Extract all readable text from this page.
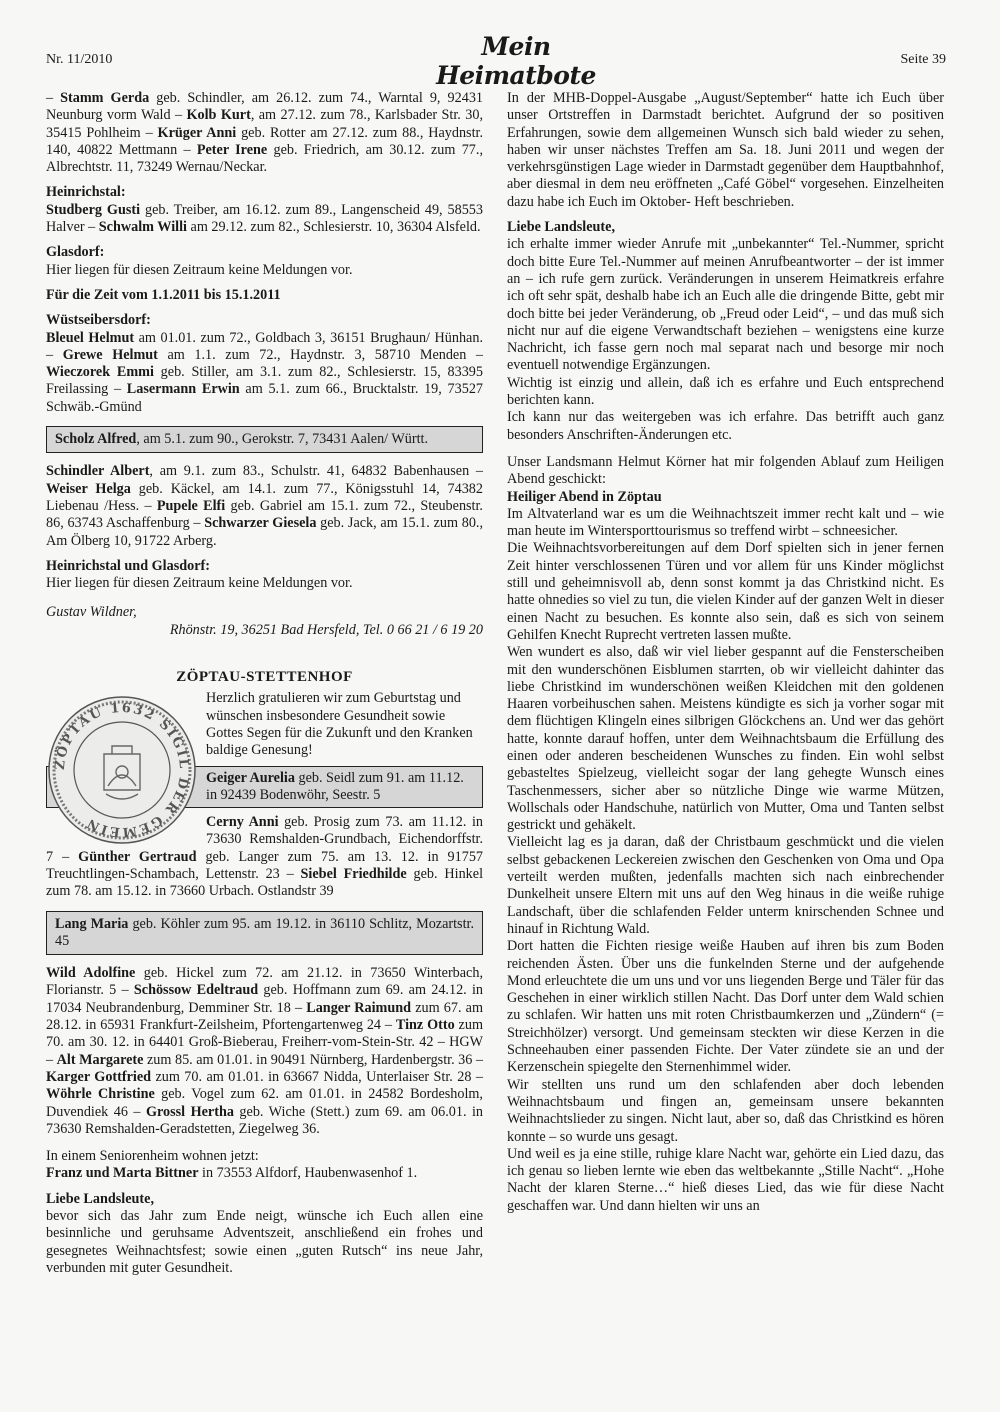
Nr. 11/2010	Mein Heimatbote
Seite 39

– Stamm Gerda geb. Schindler, am 26.12. zum 74., Warntal 9, 92431 Neunburg vorm Wald – Kolb Kurt, am 27.12. zum 78., Karlsbader Str. 30, 35415 Pohlheim – Krüger Anni geb. Rotter am 27.12. zum 88., Haydnstr. 140, 40822 Mettmann – Peter Irene geb. Friedrich, am 30.12. zum 77., Albrechtstr. 11, 73249 Wernau/Neckar.

Heinrichstal:

Studberg Gusti geb. Treiber, am 16.12. zum 89., Langenscheid 49, 58553 Halver – Schwalm Willi am 29.12. zum 82., Schlesierstr. 10, 36304 Alsfeld.

Glasdorf:

Hier liegen für diesen Zeitraum keine Meldungen vor.

Für die Zeit vom 1.1.2011 bis 15.1.2011

Wüstseibersdorf:

Bleuel Helmut am 01.01. zum 72., Goldbach 3, 36151 Brughaun/ Hünhan. – Grewe Helmut am 1.1. zum 72., Haydnstr. 3, 58710 Menden – Wieczorek Emmi geb. Stiller, am 3.1. zum 82., Schlesierstr. 15, 83395 Freilassing – Lasermann Erwin am 5.1. zum 66., Brucktalstr. 19, 73527 Schwäb.-Gmünd

Scholz Alfred, am 5.1. zum 90., Gerokstr. 7, 73431 Aalen/ Württ.

Schindler Albert, am 9.1. zum 83., Schulstr. 41, 64832 Babenhausen – Weiser Helga geb. Käckel, am 14.1. zum 77., Königsstuhl 14, 74382 Liebenau /Hess. – Pupele Elfi geb. Gabriel am 15.1. zum 72., Steubenstr. 86, 63743 Aschaffenburg – Schwarzer Giesela geb. Jack, am 15.1. zum 80., Am Ölberg 10, 91722 Arberg.

Heinrichstal und Glasdorf:

Hier liegen für diesen Zeitraum keine Meldungen vor.

Gustav Wildner,

Rhönstr. 19, 36251 Bad Hersfeld, Tel. 0 66 21 / 6 19 20

ZÖPTAU-STETTENHOF

ZÖPTAU 1632 SIGIL DER GEMEIN

Herzlich gratulieren wir zum Geburtstag und wünschen insbesondere Gesundheit sowie Gottes Segen für die Zukunft und den Kranken baldige Genesung!

Geiger Aurelia geb. Seidl zum 91. am 11.12. in 92439 Bodenwöhr, Seestr. 5

Cerny Anni geb. Prosig zum 73. am 11.12. in 73630 Remshalden-Grundbach, Eichendorffstr. 7 – Günther Gertraud geb. Langer zum 75. am 13. 12. in 91757 Treuchtlingen-Schambach, Lettenstr. 23 – Siebel Friedhilde geb. Hinkel zum 78. am 15.12. in 73660 Urbach. Ostlandstr 39

Lang Maria geb. Köhler zum 95. am 19.12. in 36110 Schlitz, Mozartstr. 45

Wild Adolfine geb. Hickel zum 72. am 21.12. in 73650 Winterbach, Florianstr. 5 – Schössow Edeltraud geb. Hoffmann zum 69. am 24.12. in 17034 Neubrandenburg, Demminer Str. 18 – Langer Raimund zum 67. am 28.12. in 65931 Frankfurt-Zeilsheim, Pfortengartenweg 24 – Tinz Otto zum 70. am 30. 12. in 64401 Groß-Bieberau, Freiherr-vom-Stein-Str. 42 – HGW – Alt Margarete zum 85. am 01.01. in 90491 Nürnberg, Hardenbergstr. 36 – Karger Gottfried zum 70. am 01.01. in 63667 Nidda, Unterlaiser Str. 28 – Wöhrle Christine geb. Vogel zum 62. am 01.01. in 24582 Bordesholm, Duvendiek 46 – Grossl Hertha geb. Wiche (Stett.) zum 69. am 06.01. in 73630 Remshalden-Geradstetten, Ziegelweg 36.

In einem Seniorenheim wohnen jetzt:

Franz und Marta Bittner in 73553 Alfdorf, Haubenwasenhof 1.

Liebe Landsleute,

bevor sich das Jahr zum Ende neigt, wünsche ich Euch allen eine besinnliche und geruhsame Adventszeit, anschließend ein frohes und gesegnetes Weihnachtsfest; sowie einen „guten Rutsch“ ins neue Jahr, verbunden mit guter Gesundheit.

In der MHB-Doppel-Ausgabe „August/September“ hatte ich Euch über unser Ortstreffen in Darmstadt berichtet. Aufgrund der so positiven Erfahrungen, sowie dem allgemeinen Wunsch sich bald wieder zu sehen, haben wir unser nächstes Treffen am Sa. 18. Juni 2011 und wegen der verkehrsgünstigen Lage wieder in Darmstadt gegenüber dem Hauptbahnhof, aber diesmal in dem neu eröffneten „Café Göbel“ vorgesehen. Einzelheiten dazu habe ich Euch im Oktober- Heft beschrieben.

Liebe Landsleute,

ich erhalte immer wieder Anrufe mit „unbekannter“ Tel.-Nummer, spricht doch bitte Eure Tel.-Nummer auf meinen Anrufbeantworter – der ist immer an – ich rufe gern zurück. Veränderungen in unserem Heimatkreis erfahre ich oft sehr spät, deshalb habe ich an Euch alle die dringende Bitte, gebt mir doch bitte bei jeder Veränderung, ob „Freud oder Leid“, – und das muß sich nicht nur auf die eigene Verwandtschaft beziehen – wenigstens eine kurze Nachricht, ich fasse gern noch mal separat nach und besorge mir noch eventuell notwendige Ergänzungen.

Wichtig ist einzig und allein, daß ich es erfahre und Euch entsprechend berichten kann.

Ich kann nur das weitergeben was ich erfahre. Das betrifft auch ganz besonders Anschriften-Änderungen etc.

Unser Landsmann Helmut Körner hat mir folgenden Ablauf zum Heiligen Abend geschickt:

Heiliger Abend in Zöptau

Im Altvaterland war es um die Weihnachtszeit immer recht kalt und – wie man heute im Wintersporttourismus so treffend wirbt – schneesicher.

Die Weihnachtsvorbereitungen auf dem Dorf spielten sich in jener fernen Zeit hinter verschlossenen Türen und vor allem für uns Kinder möglichst still und geheimnisvoll ab, denn sonst kommt ja das Christkind nicht. Es hatte ohnedies so viel zu tun, die vielen Kinder auf der ganzen Welt in dieser einen Nacht zu besuchen. Es konnte also sein, daß es sich von seinem Gehilfen Knecht Ruprecht vertreten lassen mußte.

Wen wundert es also, daß wir viel lieber gespannt auf die Fensterscheiben mit den wunderschönen Eisblumen starrten, ob wir vielleicht dahinter das liebe Christkind im wunderschönen weißen Kleidchen mit den goldenen Haaren vorbeihuschen sahen. Meistens kündigte es sich ja vorher sogar mit dem flüchtigen Klingeln eines silbrigen Glöckchens an. Und wer das gehört hatte, konnte darauf hoffen, unter dem Weihnachtsbaum die Erfüllung des einen oder anderen bescheidenen Wunsches zu finden. Ein wohl selbst gebasteltes Spielzeug, vielleicht sogar der lang gehegte Wunsch eines Taschenmessers, sicher aber so nützliche Dinge wie warme Mützen, Wollschals oder Handschuhe, natürlich von Mutter, Oma und Tanten selbst gestrickt und gehäkelt.

Vielleicht lag es ja daran, daß der Christbaum geschmückt und die vielen selbst gebackenen Leckereien zwischen den Geschenken von Oma und Opa verteilt werden mußten, jedenfalls machten sich nach einbrechender Dunkelheit unsere Eltern mit uns auf den Weg hinaus in die weiße ruhige Landschaft, über die schlafenden Felder unterm knirschenden Schnee und hinauf in Richtung Wald.

Dort hatten die Fichten riesige weiße Hauben auf ihren bis zum Boden reichenden Ästen. Über uns die funkelnden Sterne und der aufgehende Mond erleuchtete die um uns und vor uns liegenden Berge und Täler für das Geschehen in einer wirklich stillen Nacht. Das Dorf unter dem Wald schien zu schlafen. Wir hatten uns mit roten Christbaumkerzen und „Zündern“ (= Streichhölzer) versorgt. Und gemeinsam steckten wir diese Kerzen in die Schneehauben einer passenden Fichte. Der Vater zündete sie an und der Kerzenschein spiegelte den Sternenhimmel wider.

Wir stellten uns rund um den schlafenden aber doch lebenden Weihnachtsbaum und fingen an, gemeinsam unsere bekannten Weihnachtslieder zu singen. Nicht laut, aber so, daß das Christkind es hören konnte – so wurde uns gesagt.

Und weil es ja eine stille, ruhige klare Nacht war, gehörte ein Lied dazu, das ich genau so lieben lernte wie eben das weltbekannte „Stille Nacht“. „Hohe Nacht der klaren Sterne…“ hieß dieses Lied, das wie für diese Nacht geschaffen war. Und dann hielten wir uns an
